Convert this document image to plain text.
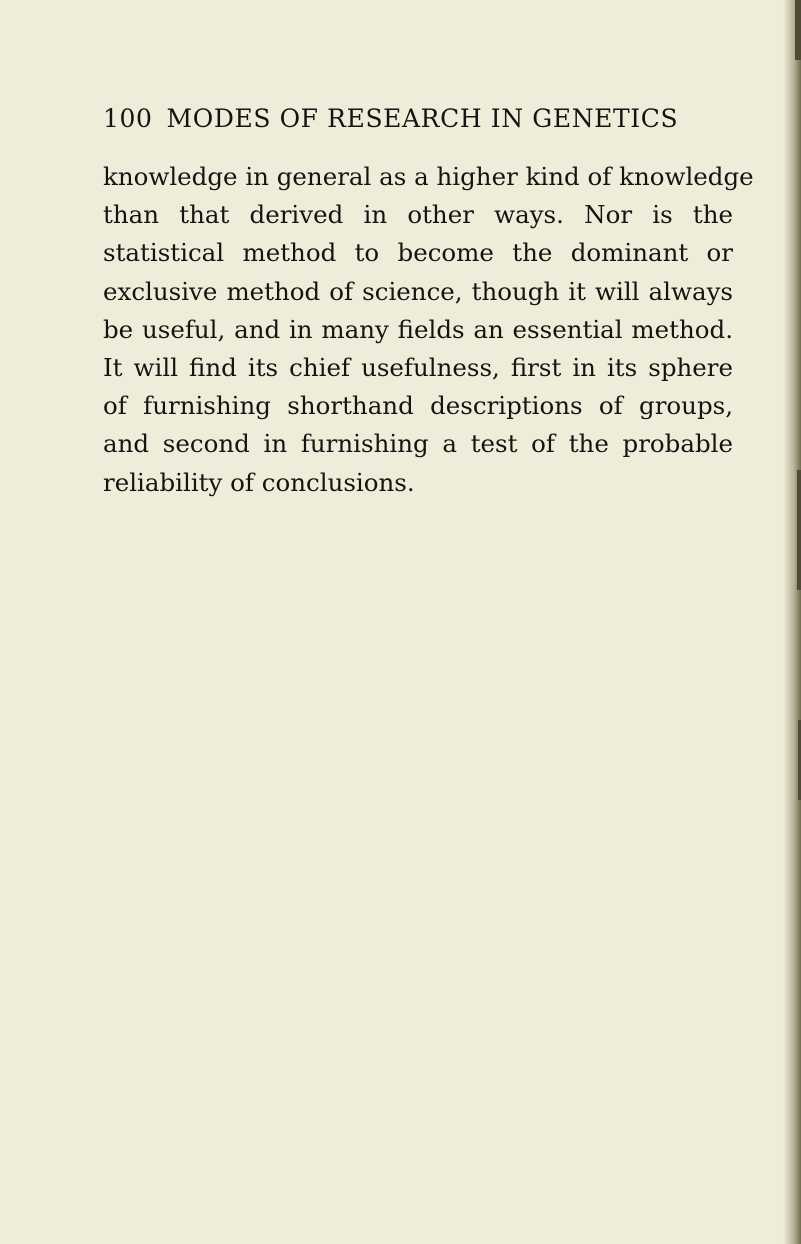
100 MODES OF RESEARCH IN GENETICS

knowledge in general as a higher kind of knowledge
than that derived in other ways. Nor is the
statistical method to become the dominant or
exclusive method of science, though it will always
be useful, and in many fields an essential method.
It will find its chief usefulness, first in its sphere
of furnishing shorthand descriptions of groups,
and second in furnishing a test of the probable
reliability of conclusions.
